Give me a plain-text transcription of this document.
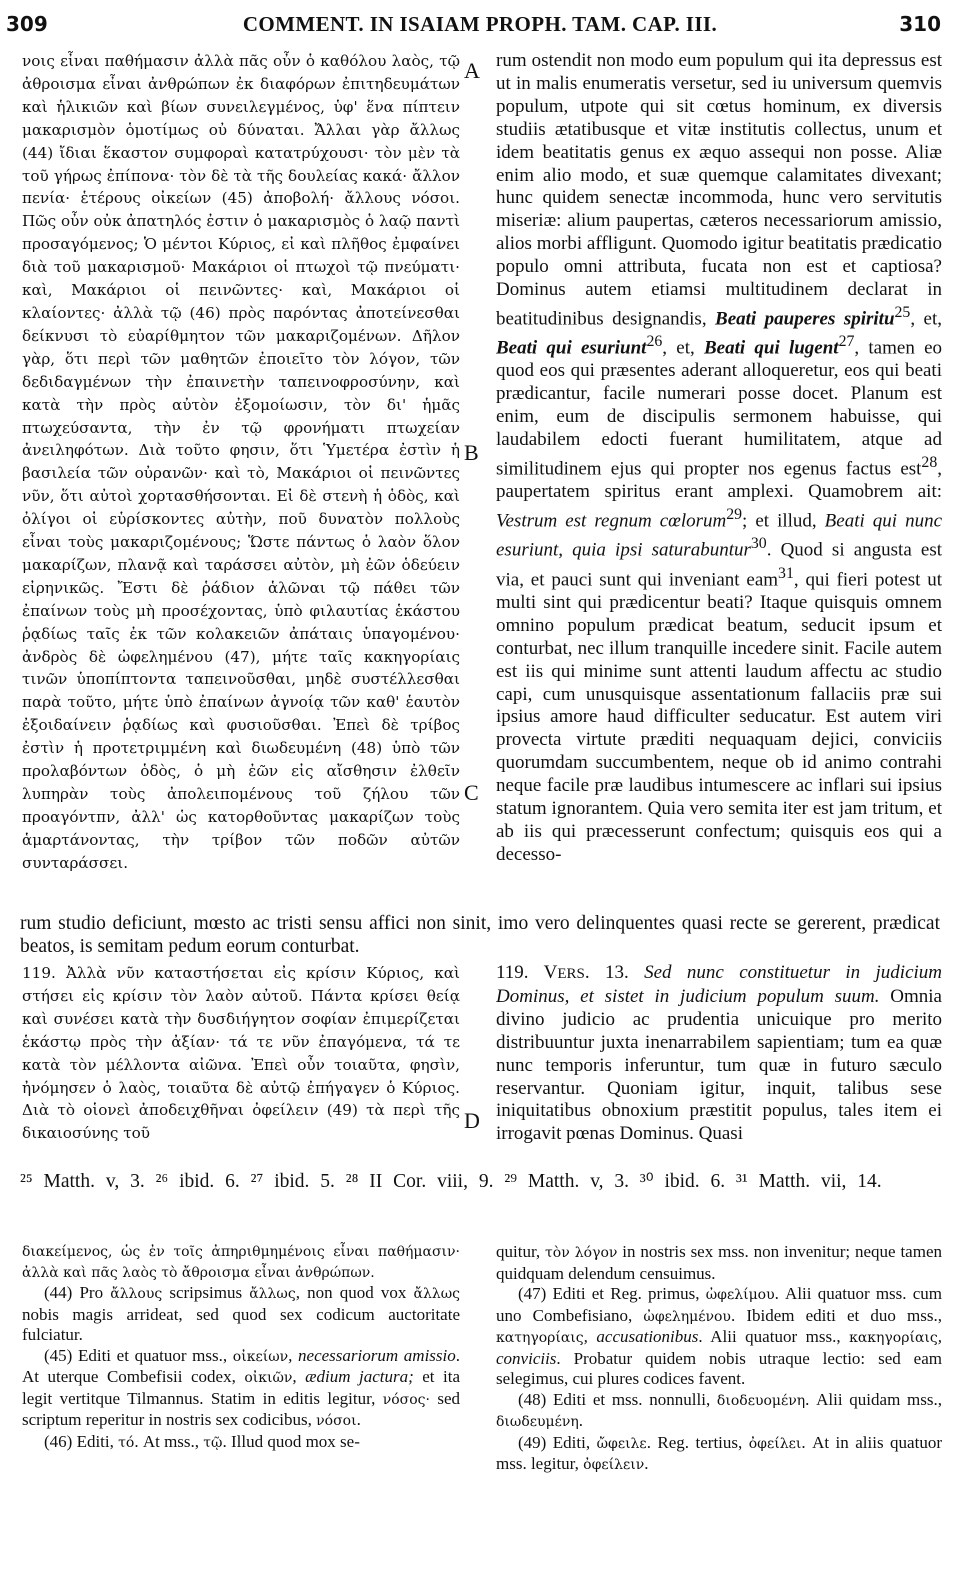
309	COMMENT. IN ISAIAM PROPH. TAM. CAP. III.	310

νοις εἶναι παθήμασιν ἀλλὰ πᾶς οὖν ὁ καθόλου λαὸς, τῷ ἀθροισμα εἶναι ἀνθρώπων ἐκ διαφόρων ἐπιτηδευμάτων καὶ ἡλικιῶν καὶ βίων συνειλεγμένος, ὑφ' ἕνα πίπτειν μακαρισμὸν ὁμοτίμως οὐ δύναται. Ἄλλαι γὰρ ἄλλως (44) ἴδιαι ἕκαστον συμφοραὶ κατατρύχουσι· τὸν μὲν τὰ τοῦ γήρως ἐπίπονα· τὸν δὲ τὰ τῆς δουλείας κακά· ἄλλον πενία· ἑτέρους οἰκείων (45) ἀποβολή· ἄλλους νόσοι. Πῶς οὖν οὐκ ἀπατηλός ἐστιν ὁ μακαρισμὸς ὁ λαῷ παντὶ προσαγόμενος; Ὁ μέντοι Κύριος, εἰ καὶ πλῆθος ἐμφαίνει διὰ τοῦ μακαρισμοῦ· Μακάριοι οἱ πτωχοὶ τῷ πνεύματι· καὶ, Μακάριοι οἱ πεινῶντες· καὶ, Μακάριοι οἱ κλαίοντες· ἀλλὰ τῷ (46) πρὸς παρόντας ἀποτείνεσθαι δείκνυσι τὸ εὐαρίθμητον τῶν μακαριζομένων. Δῆλον γὰρ, ὅτι περὶ τῶν μαθητῶν ἐποιεῖτο τὸν λόγον, τῶν δεδιδαγμένων τὴν ἐπαινετὴν ταπεινοφροσύνην, καὶ κατὰ τὴν πρὸς αὐτὸν ἐξομοίωσιν, τὸν δι' ἡμᾶς πτωχεύσαντα, τὴν ἐν τῷ φρονήματι πτωχείαν ἀνειληφότων. Διὰ τοῦτο φησιν, ὅτι Ὑμετέρα ἐστὶν ἡ βασιλεία τῶν οὐρανῶν· καὶ τὸ, Μακάριοι οἱ πεινῶντες νῦν, ὅτι αὐτοὶ χορτασθήσονται. Εἰ δὲ στενὴ ἡ ὁδὸς, καὶ ὀλίγοι οἱ εὑρίσκοντες αὐτὴν, ποῦ δυνατὸν πολλοὺς εἶναι τοὺς μακαριζομένους; Ὥστε πάντως ὁ λαὸν ὅλον μακαρίζων, πλανᾷ καὶ ταράσσει αὐτὸν, μὴ ἐῶν ὁδεύειν εἰρηνικῶς. Ἔστι δὲ ῥάδιον ἁλῶναι τῷ πάθει τῶν ἐπαίνων τοὺς μὴ προσέχοντας, ὑπὸ φιλαυτίας ἑκάστου ῥᾳδίως ταῖς ἐκ τῶν κολακειῶν ἀπάταις ὑπαγομένου· ἀνδρὸς δὲ ὠφελημένου (47), μήτε ταῖς κακηγορίαις τινῶν ὑποπίπτοντα ταπεινοῦσθαι, μηδὲ συστέλλεσθαι παρὰ τοῦτο, μήτε ὑπὸ ἐπαίνων ἀγνοίᾳ τῶν καθ' ἑαυτὸν ἐξοιδαίνειν ῥᾳδίως καὶ φυσιοῦσθαι. Ἐπεὶ δὲ τρίβος ἐστὶν ἡ προτετριμμένη καὶ διωδευμένη (48) ὑπὸ τῶν προλαβόντων ὁδὸς, ὁ μὴ ἐῶν εἰς αἴσθησιν ἐλθεῖν λυπηρὰν τοὺς ἀπολειπομένους τοῦ ζήλου τῶν προαγόντπν, ἀλλ' ὡς κατορθοῦντας μακαρίζων τοὺς ἁμαρτάνοντας, τὴν τρίβον τῶν ποδῶν αὐτῶν συνταράσσει.

rum ostendit non modo eum populum qui ita depressus est ut in malis enumeratis versetur, sed iu universum quemvis populum, utpote qui sit cœtus hominum, ex diversis studiis ætatibusque et vitæ institutis collectus, unum et idem beatitatis genus ex æquo assequi non posse. Aliæ enim alio modo, et suæ quemque calamitates divexant; hunc quidem senectæ incommoda, hunc vero servitutis miseriæ: alium paupertas, cæteros necessariorum amissio, alios morbi affligunt. Quomodo igitur beatitatis prædicatio populo omni attributa, fucata non est et captiosa? Dominus autem etiamsi multitudinem declarat in beatitudinibus designandis, Beati pauperes spiritu$^{25}$, et, Beati qui esuriunt$^{26}$, et, Beati qui lugent$^{27}$, tamen eo quod eos qui præsentes aderant alloqueretur, eos qui beati prædicantur, facile numerari posse docet. Planum est enim, eum de discipulis sermonem habuisse, qui laudabilem edocti fuerant humilitatem, atque ad similitudinem ejus qui propter nos egenus factus est$^{28}$, paupertatem spiritus erant amplexi. Quamobrem ait: Vestrum est regnum cœlorum$^{29}$; et illud, Beati qui nunc esuriunt, quia ipsi saturabuntur$^{30}$. Quod si angusta est via, et pauci sunt qui inveniant eam$^{31}$, qui fieri potest ut multi sint qui prædicentur beati? Itaque quisquis omnem omnino populum prædicat beatum, seducit ipsum et conturbat, nec illum tranquille incedere sinit. Facile autem est iis qui minime sunt attenti laudum affectu ac studio capi, cum unusquisque assentationum fallaciis præ sui ipsius amore haud difficulter seducatur. Est autem viri provecta virtute præditi nequaquam dejici, conviciis quorumdam succumbentem, neque ob id animo contrahi neque facile præ laudibus intumescere ac inflari sui ipsius statum ignorantem. Quia vero semita iter est jam tritum, et ab iis qui præcesserunt confectum; quisquis eos qui a decesso-

A
B
C
D
rum studio deficiunt, mœsto ac tristi sensu affici non sinit, imo vero delinquentes quasi recte se gererent, prædicat beatos, is semitam pedum eorum conturbat.

119. Ἀλλὰ νῦν καταστήσεται εἰς κρίσιν Κύριος, καὶ στήσει εἰς κρίσιν τὸν λαὸν αὐτοῦ. Πάντα κρίσει θείᾳ καὶ συνέσει κατὰ τὴν δυσδιήγητον σοφίαν ἐπιμερίζεται ἑκάστῳ πρὸς τὴν ἀξίαν· τά τε νῦν ἐπαγόμενα, τά τε κατὰ τὸν μέλλοντα αἰῶνα. Ἐπεὶ οὖν τοιαῦτα, φησὶν, ἠνόμησεν ὁ λαὸς, τοιαῦτα δὲ αὐτῷ ἐπήγαγεν ὁ Κύριος. Διὰ τὸ οἱονεὶ ἀποδειχθῆναι ὀφείλειν (49) τὰ περὶ τῆς δικαιοσύνης τοῦ

119. VERS. 13. Sed nunc constituetur in judicium Dominus, et sistet in judicium populum suum. Omnia divino judicio ac prudentia unicuique pro merito distribuuntur juxta inenarrabilem sapientiam; tum ea quæ nunc temporis inferuntur, tum quæ in futuro sæculo reservantur. Quoniam igitur, inquit, talibus sese iniquitatibus obnoxium præstitit populus, tales item ei irrogavit pœnas Dominus. Quasi

²⁵ Matth. v, 3. ²⁶ ibid. 6. ²⁷ ibid. 5. ²⁸ II Cor. viii, 9. ²⁹ Matth. v, 3. ³⁰ ibid. 6. ³¹ Matth. vii, 14.

διακείμενος, ὡς ἐν τοῖς ἀπηριθμημένοις εἶναι παθήμασιν· ἀλλὰ καὶ πᾶς λαὸς τὸ ἄθροισμα εἶναι ἀνθρώπων.

(44) Pro ἄλλους scripsimus ἄλλως, non quod vox ἄλλως nobis magis arrideat, sed quod sex codicum auctoritate fulciatur.

(45) Editi et quatuor mss., οἰκείων, necessariorum amissio. At uterque Combefisii codex, οἰκιῶν, ædium jactura; et ita legit vertitque Tilmannus. Statim in editis legitur, νόσος· sed scriptum reperitur in nostris sex codicibus, νόσοι.

(46) Editi, τό. At mss., τῷ. Illud quod mox se-

quitur, τὸν λόγον in nostris sex mss. non invenitur; neque tamen quidquam delendum censuimus.

(47) Editi et Reg. primus, ὠφελίμου. Alii quatuor mss. cum uno Combefisiano, ὠφελημένου. Ibidem editi et duo mss., κατηγορίαις, accusationibus. Alii quatuor mss., κακηγορίαις, conviciis. Probatur quidem nobis utraque lectio: sed eam selegimus, cui plures codices favent.

(48) Editi et mss. nonnulli, διοδευομένη. Alii quidam mss., διωδευμένη.

(49) Editi, ὤφειλε. Reg. tertius, ὀφείλει. At in aliis quatuor mss. legitur, ὀφείλειν.
